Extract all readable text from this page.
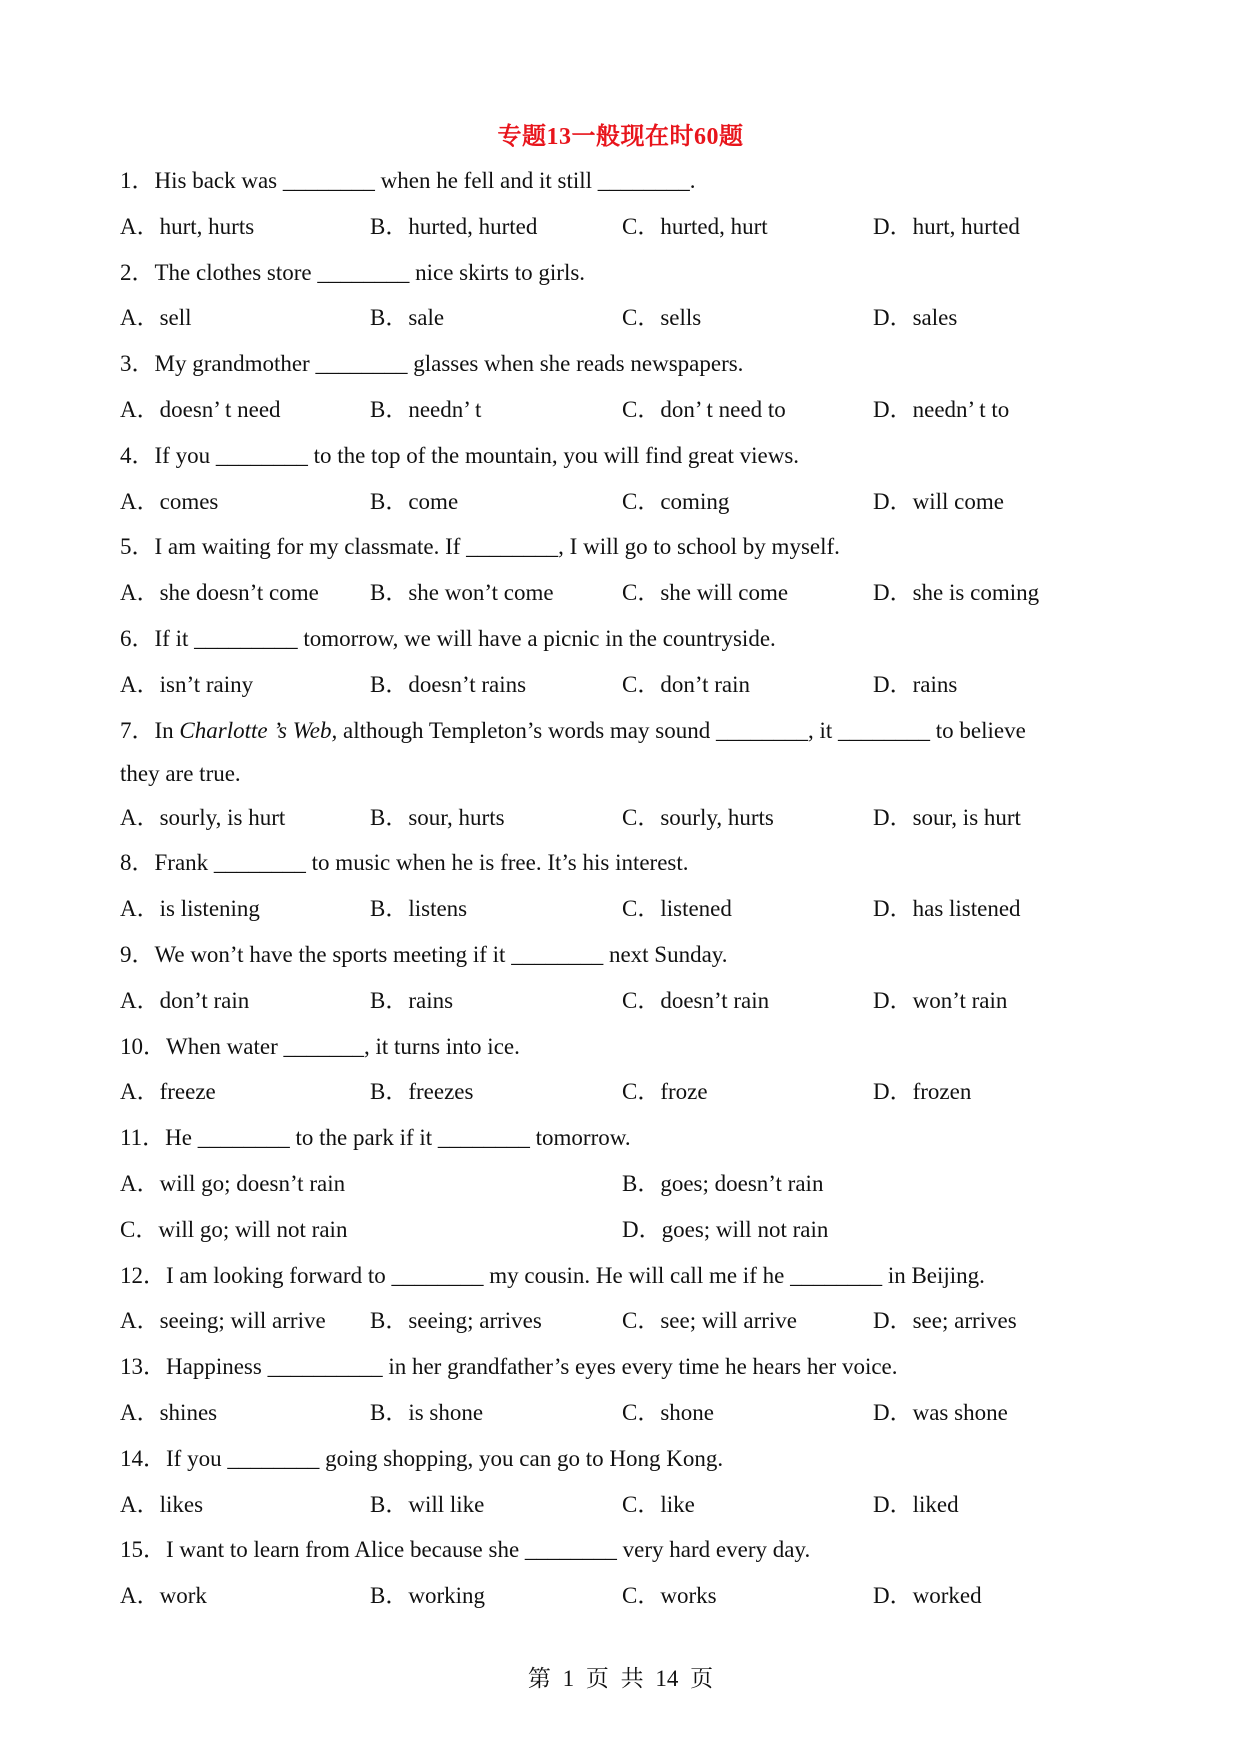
专题13一般现在时60题
1．His back was ________ when he fell and it still ________.
A．hurt, hurts	B．hurted, hurted	C．hurted, hurt	D．hurt, hurted
2．The clothes store ________ nice skirts to girls.
A．sell	B．sale	C．sells	D．sales
3．My grandmother ________ glasses when she reads newspapers.
A．doesn’ t need	B．needn’ t	C．don’ t need to	D．needn’ t to
4．If you ________ to the top of the mountain, you will find great views.
A．comes	B．come	C．coming	D．will come
5．I am waiting for my classmate. If ________, I will go to school by myself.
A．she doesn’t come B．she won’t come	C．she will come	D．she is coming
6．If it _________ tomorrow, we will have a picnic in the countryside.
A．isn’t rainy	B．doesn’t rains	C．don’t rain	D．rains
7．In Charlotte ’s Web, although Templeton’s words may sound ________, it ________ to believe
they are true.
A．sourly, is hurt	B．sour, hurts	C．sourly, hurts	D．sour, is hurt
8．Frank ________ to music when he is free. It’s his interest.
A．is listening	B．listens	C．listened	D．has listened
9．We won’t have the sports meeting if it ________ next Sunday.
A．don’t rain	B．rains	C．doesn’t rain	D．won’t rain
10．When water _______, it turns into ice.
A．freeze	B．freezes	C．froze	D．frozen
11．He ________ to the park if it ________ tomorrow.
A．will go; doesn’t rain	B．goes; doesn’t rain
C．will go; will not rain	D．goes; will not rain
12．I am looking forward to ________ my cousin. He will call me if he ________ in Beijing.
A．seeing; will arrive B．seeing; arrives	C．see; will arrive	D．see; arrives
13．Happiness __________ in her grandfather’s eyes every time he hears her voice.
A．shines	B．is shone	C．shone	D．was shone
14．If you ________ going shopping, you can go to Hong Kong.
A．likes	B．will like	C．like	D．liked
15．I want to learn from Alice because she ________ very hard every day.
A．work	B．working	C．works	D．worked
第 1 页 共 14 页
